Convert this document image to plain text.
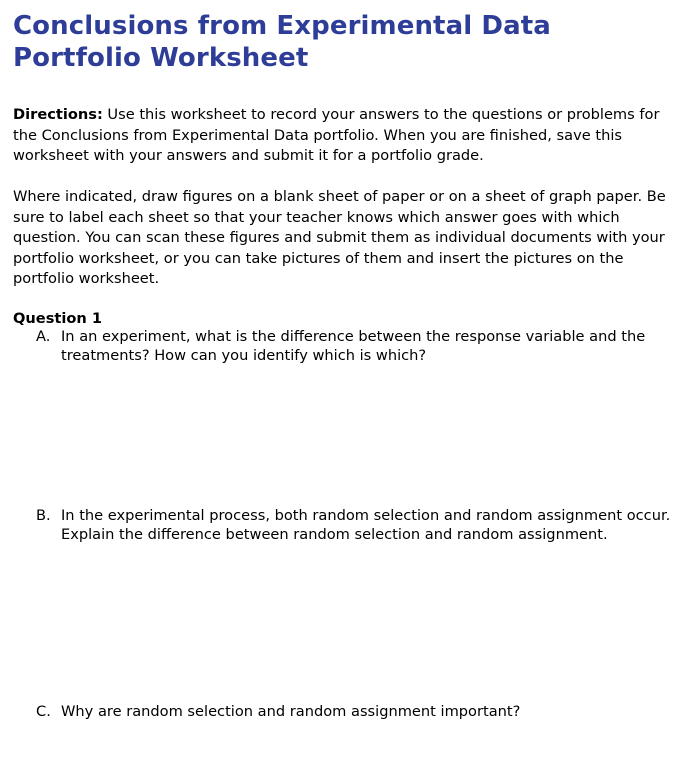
Conclusions from Experimental Data
Portfolio Worksheet

Directions: Use this worksheet to record your answers to the questions or problems for the Conclusions from Experimental Data portfolio. When you are finished, save this worksheet with your answers and submit it for a portfolio grade.

Where indicated, draw figures on a blank sheet of paper or on a sheet of graph paper. Be sure to label each sheet so that your teacher knows which answer goes with which question. You can scan these figures and submit them as individual documents with your portfolio worksheet, or you can take pictures of them and insert the pictures on the portfolio worksheet.

Question 1

A. In an experiment, what is the difference between the response variable and the treatments? How can you identify which is which?
B. In the experimental process, both random selection and random assignment occur. Explain the difference between random selection and random assignment.
C. Why are random selection and random assignment important?
